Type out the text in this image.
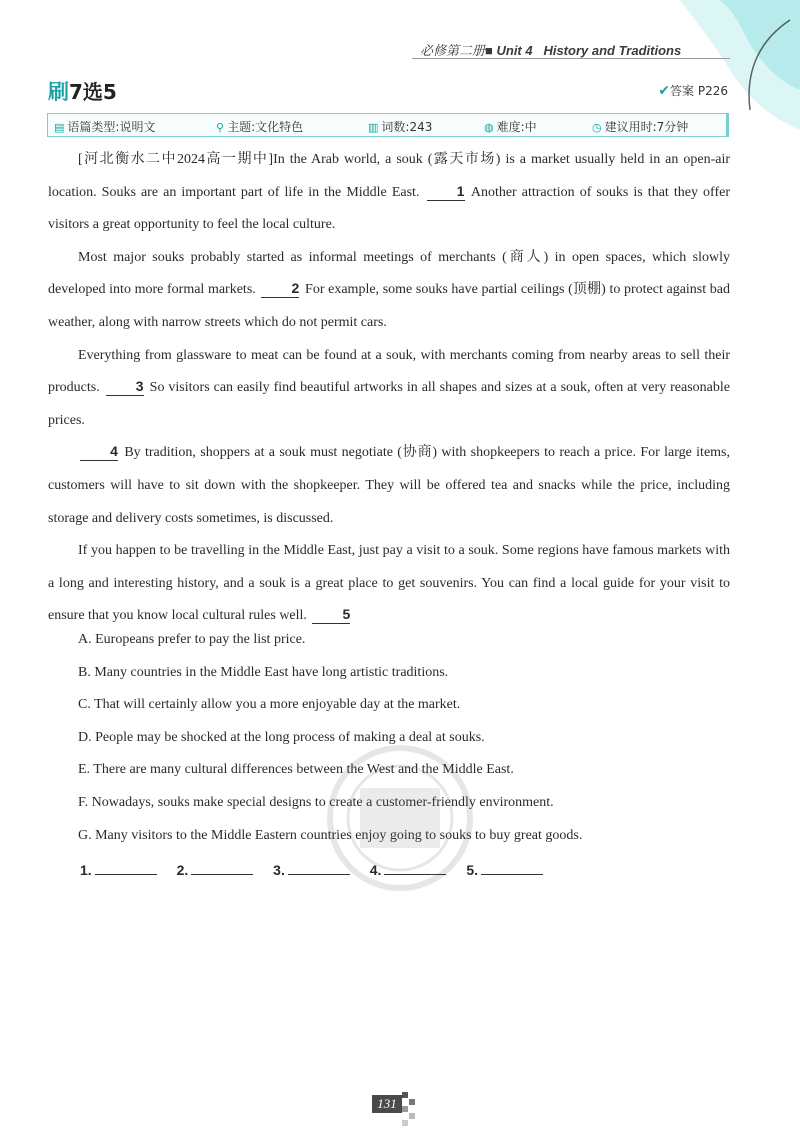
必修第二册■ Unit 4 History and Traditions
刷7选5	✔答案 P226
▤ 语篇类型:说明文	⚲ 主题:文化特色	▥ 词数:243	◍ 难度:中	◷ 建议用时:7分钟

[河北衡水二中2024高一期中]In the Arab world, a souk (露天市场) is a market usually held in an open-air location. Souks are an important part of life in the Middle East.	1 Another attraction of souks is that they offer visitors a great opportunity to feel the local culture.

Most major souks probably started as informal meetings of merchants (商人) in open spaces, which slowly developed into more formal markets.	2 For example, some souks have partial ceilings (顶棚) to protect against bad weather, along with narrow streets which do not permit cars.

Everything from glassware to meat can be found at a souk, with merchants coming from nearby areas to sell their products.	3 So visitors can easily find beautiful artworks in all shapes and sizes at a souk, often at very reasonable prices.

4 By tradition, shoppers at a souk must negotiate (协商) with shopkeepers to reach a price. For large items, customers will have to sit down with the shopkeeper. They will be offered tea and snacks while the price, including storage and delivery costs sometimes, is discussed.

If you happen to be travelling in the Middle East, just pay a visit to a souk. Some regions have famous markets with a long and interesting history, and a souk is a great place to get souvenirs. You can find a local guide for your visit to ensure that you know local cultural rules well.	5

A. Europeans prefer to pay the list price.
B. Many countries in the Middle East have long artistic traditions.
C. That will certainly allow you a more enjoyable day at the market.
D. People may be shocked at the long process of making a deal at souks.
E. There are many cultural differences between the West and the Middle East.
F. Nowadays, souks make special designs to create a customer-friendly environment.
G. Many visitors to the Middle Eastern countries enjoy going to souks to buy great goods.
1.	2.	3.	4.	5.
131
